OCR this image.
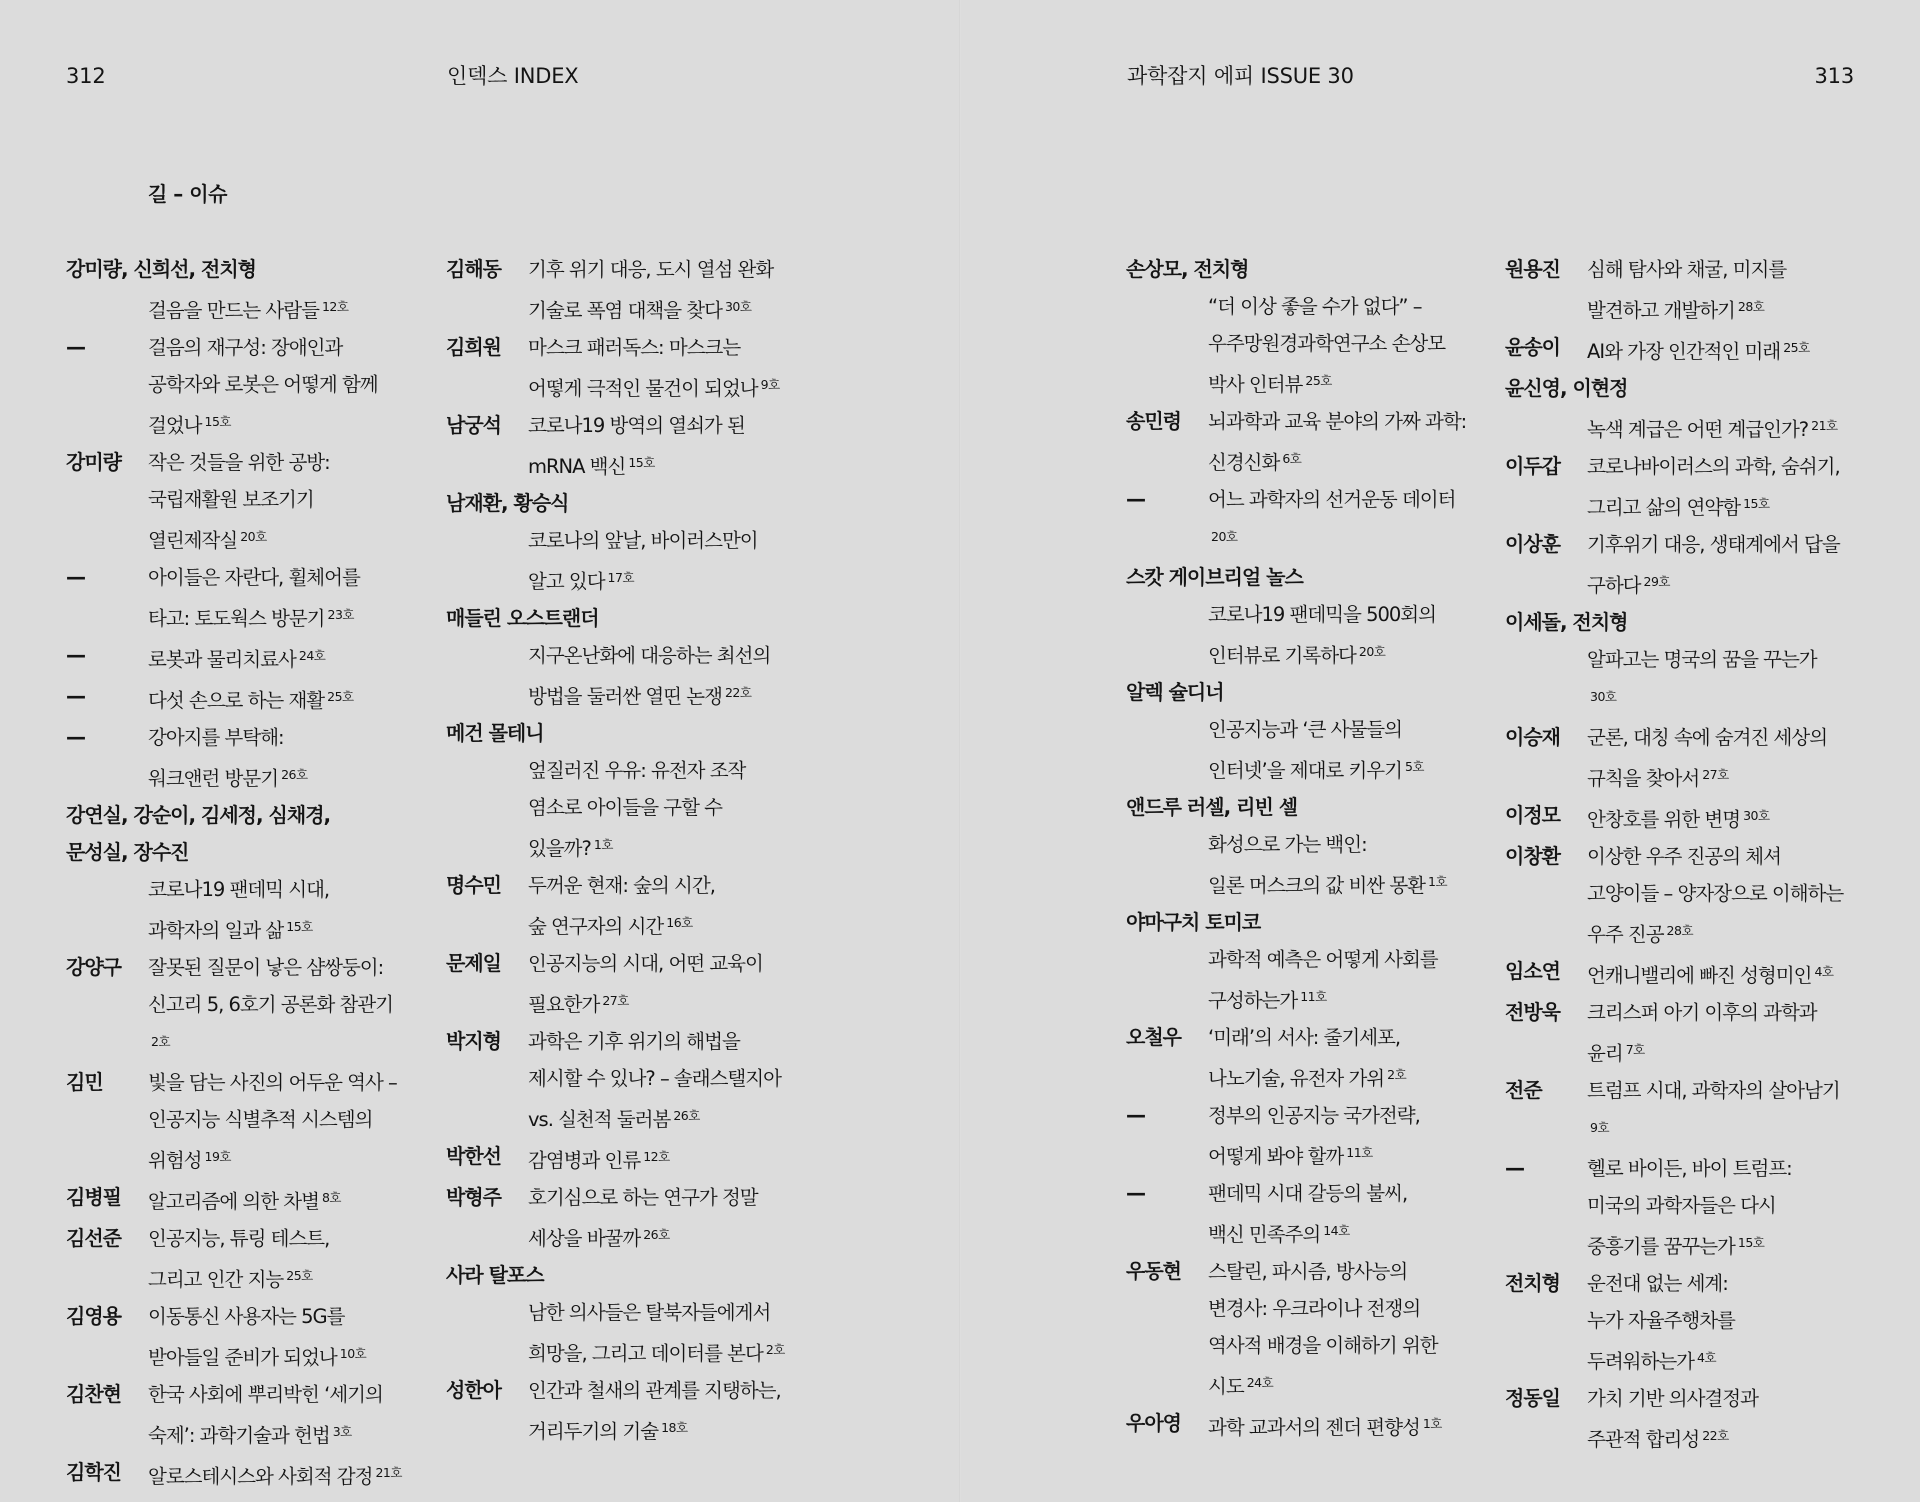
312	인덱스 INDEX	과학잡지 에피 ISSUE 30	313
길 – 이슈
강미량, 신희선, 전치형
걸음을 만드는 사람들 $^{12호}$
—	걸음의 재구성: 장애인과
공학자와 로봇은 어떻게 함께
걸었나 $^{15호}$
강미량 작은 것들을 위한 공방:
국립재활원 보조기기
열린제작실 $^{20호}$
—	아이들은 자란다, 휠체어를
타고: 토도웍스 방문기 $^{23호}$
—	로봇과 물리치료사 $^{24호}$
—	다섯 손으로 하는 재활 $^{25호}$
—	강아지를 부탁해:
워크앤런 방문기 $^{26호}$
강연실, 강순이, 김세정, 심채경,
문성실, 장수진
코로나19 팬데믹 시대,
과학자의 일과 삶 $^{15호}$
강양구 잘못된 질문이 낳은 샴쌍둥이:
신고리 5, 6호기 공론화 참관기
$^{2호}$
김민 빛을 담는 사진의 어두운 역사 –
인공지능 식별추적 시스템의
위험성 $^{19호}$
김병필 알고리즘에 의한 차별 $^{8호}$
김선준 인공지능, 튜링 테스트,
그리고 인간 지능 $^{25호}$
김영용 이동통신 사용자는 5G를
받아들일 준비가 되었나 $^{10호}$
김찬현 한국 사회에 뿌리박힌 ‘세기의
숙제’: 과학기술과 헌법 $^{3호}$
김학진 알로스테시스와 사회적 감정 $^{21호}$
김해동 기후 위기 대응, 도시 열섬 완화
기술로 폭염 대책을 찾다 $^{30호}$
김희원 마스크 패러독스: 마스크는
어떻게 극적인 물건이 되었나 $^{9호}$
남궁석 코로나19 방역의 열쇠가 된
mRNA 백신 $^{15호}$
남재환, 황승식
코로나의 앞날, 바이러스만이
알고 있다 $^{17호}$
매들린 오스트랜더
지구온난화에 대응하는 최선의
방법을 둘러싼 열띤 논쟁 $^{22호}$
메건 몰테니
엎질러진 우유: 유전자 조작
염소로 아이들을 구할 수
있을까? $^{1호}$
명수민 두꺼운 현재: 숲의 시간,
숲 연구자의 시간 $^{16호}$
문제일 인공지능의 시대, 어떤 교육이
필요한가 $^{27호}$
박지형 과학은 기후 위기의 해법을
제시할 수 있나? – 솔래스탤지아
vs. 실천적 둘러봄 $^{26호}$
박한선 감염병과 인류 $^{12호}$
박형주 호기심으로 하는 연구가 정말
세상을 바꿀까 $^{26호}$
사라 탈포스
남한 의사들은 탈북자들에게서
희망을, 그리고 데이터를 본다 $^{2호}$
성한아 인간과 철새의 관계를 지탱하는,
거리두기의 기술 $^{18호}$
손상모, 전치형
“더 이상 좋을 수가 없다” –
우주망원경과학연구소 손상모
박사 인터뷰 $^{25호}$
송민령 뇌과학과 교육 분야의 가짜 과학:
신경신화 $^{6호}$
—	어느 과학자의 선거운동 데이터
$^{20호}$
스캇 게이브리얼 놀스
코로나19 팬데믹을 500회의
인터뷰로 기록하다 $^{20호}$
알렉 슐디너
인공지능과 ‘큰 사물들의
인터넷’을 제대로 키우기 $^{5호}$
앤드루 러셀, 리빈 셀
화성으로 가는 백인:
일론 머스크의 값 비싼 몽환 $^{1호}$
야마구치 토미코
과학적 예측은 어떻게 사회를
구성하는가 $^{11호}$
오철우 ‘미래’의 서사: 줄기세포,
나노기술, 유전자 가위 $^{2호}$
—	정부의 인공지능 국가전략,
어떻게 봐야 할까 $^{11호}$
—	팬데믹 시대 갈등의 불씨,
백신 민족주의 $^{14호}$
우동현 스탈린, 파시즘, 방사능의
변경사: 우크라이나 전쟁의
역사적 배경을 이해하기 위한
시도 $^{24호}$
우아영 과학 교과서의 젠더 편향성 $^{1호}$
원용진 심해 탐사와 채굴, 미지를
발견하고 개발하기 $^{28호}$
윤송이 AI와 가장 인간적인 미래 $^{25호}$
윤신영, 이현정
녹색 계급은 어떤 계급인가? $^{21호}$
이두갑 코로나바이러스의 과학, 숨쉬기,
그리고 삶의 연약함 $^{15호}$
이상훈 기후위기 대응, 생태계에서 답을
구하다 $^{29호}$
이세돌, 전치형
알파고는 명국의 꿈을 꾸는가
$^{30호}$
이승재 군론, 대칭 속에 숨겨진 세상의
규칙을 찾아서 $^{27호}$
이정모 안창호를 위한 변명 $^{30호}$
이창환 이상한 우주 진공의 체셔
고양이들 – 양자장으로 이해하는
우주 진공 $^{28호}$
임소연 언캐니밸리에 빠진 성형미인 $^{4호}$
전방욱 크리스퍼 아기 이후의 과학과
윤리 $^{7호}$
전준 트럼프 시대, 과학자의 살아남기
$^{9호}$
—	헬로 바이든, 바이 트럼프:
미국의 과학자들은 다시
중흥기를 꿈꾸는가 $^{15호}$
전치형 운전대 없는 세계:
누가 자율주행차를
두려워하는가 $^{4호}$
정동일 가치 기반 의사결정과
주관적 합리성 $^{22호}$
